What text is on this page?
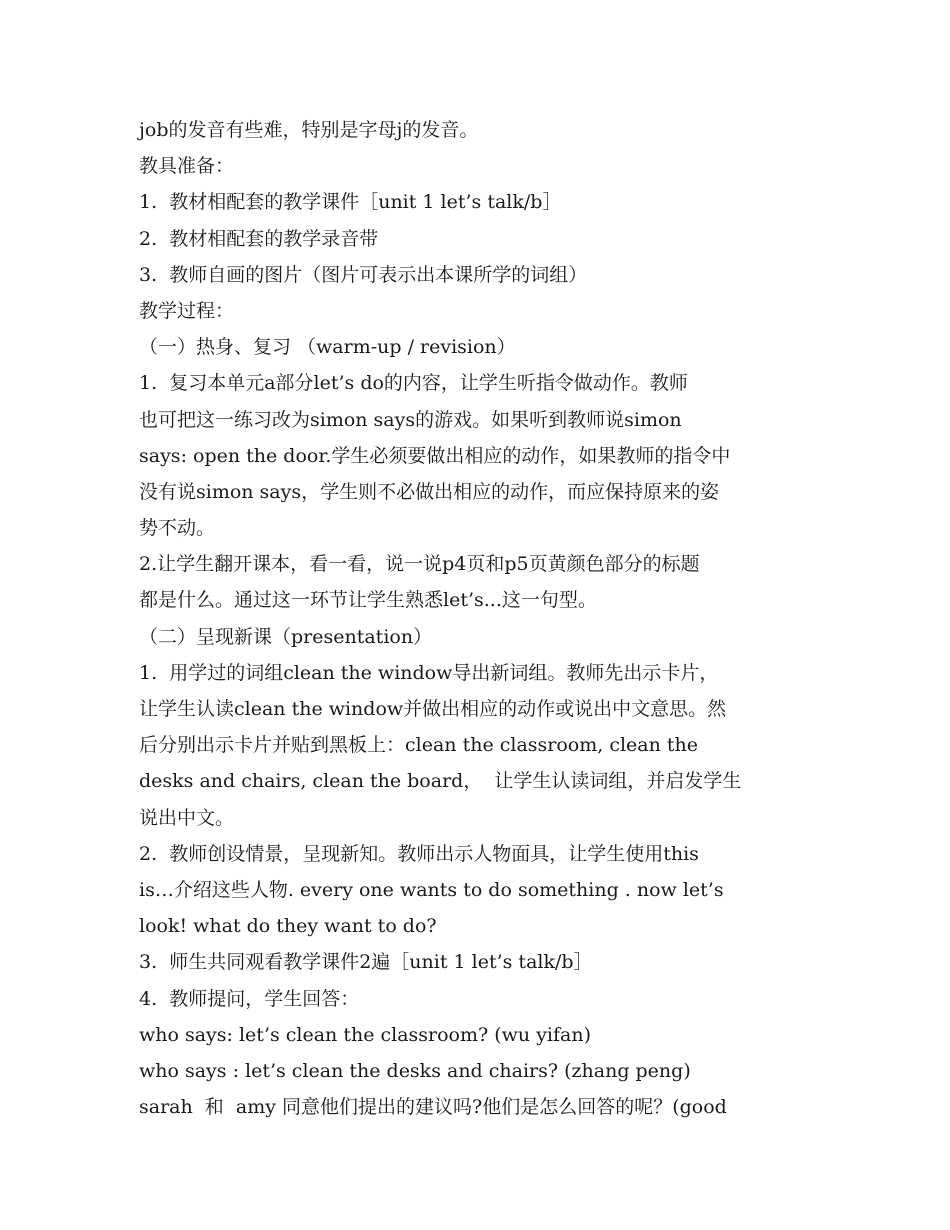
job的发音有些难，特别是字母j的发音。
教具准备：
1.  教材相配套的教学课件［unit 1 let’s talk/b］
2.  教材相配套的教学录音带
3.  教师自画的图片（图片可表示出本课所学的词组）
教学过程：
（一）热身、复习 （warm-up / revision）
1.  复习本单元a部分let’s do的内容，让学生听指令做动作。教师
也可把这一练习改为simon says的游戏。如果听到教师说simon
says: open the door.学生必须要做出相应的动作，如果教师的指令中
没有说simon says，学生则不必做出相应的动作，而应保持原来的姿
势不动。
2.让学生翻开课本，看一看，说一说p4页和p5页黄颜色部分的标题
都是什么。通过这一环节让学生熟悉let’s...这一句型。
（二）呈现新课（presentation）
1.  用学过的词组clean the window导出新词组。教师先出示卡片，
让学生认读clean the window并做出相应的动作或说出中文意思。然
后分别出示卡片并贴到黑板上：clean the classroom, clean the
desks and chairs, clean the board，  让学生认读词组，并启发学生
说出中文。
2.  教师创设情景，呈现新知。教师出示人物面具，让学生使用this
is…介绍这些人物. every one wants to do something . now let’s
look! what do they want to do?
3.  师生共同观看教学课件2遍［unit 1 let’s talk/b］
4.  教师提问，学生回答：
who says: let’s clean the classroom? (wu yifan)
who says : let’s clean the desks and chairs? (zhang peng)
sarah  和  amy 同意他们提出的建议吗?他们是怎么回答的呢？(good
